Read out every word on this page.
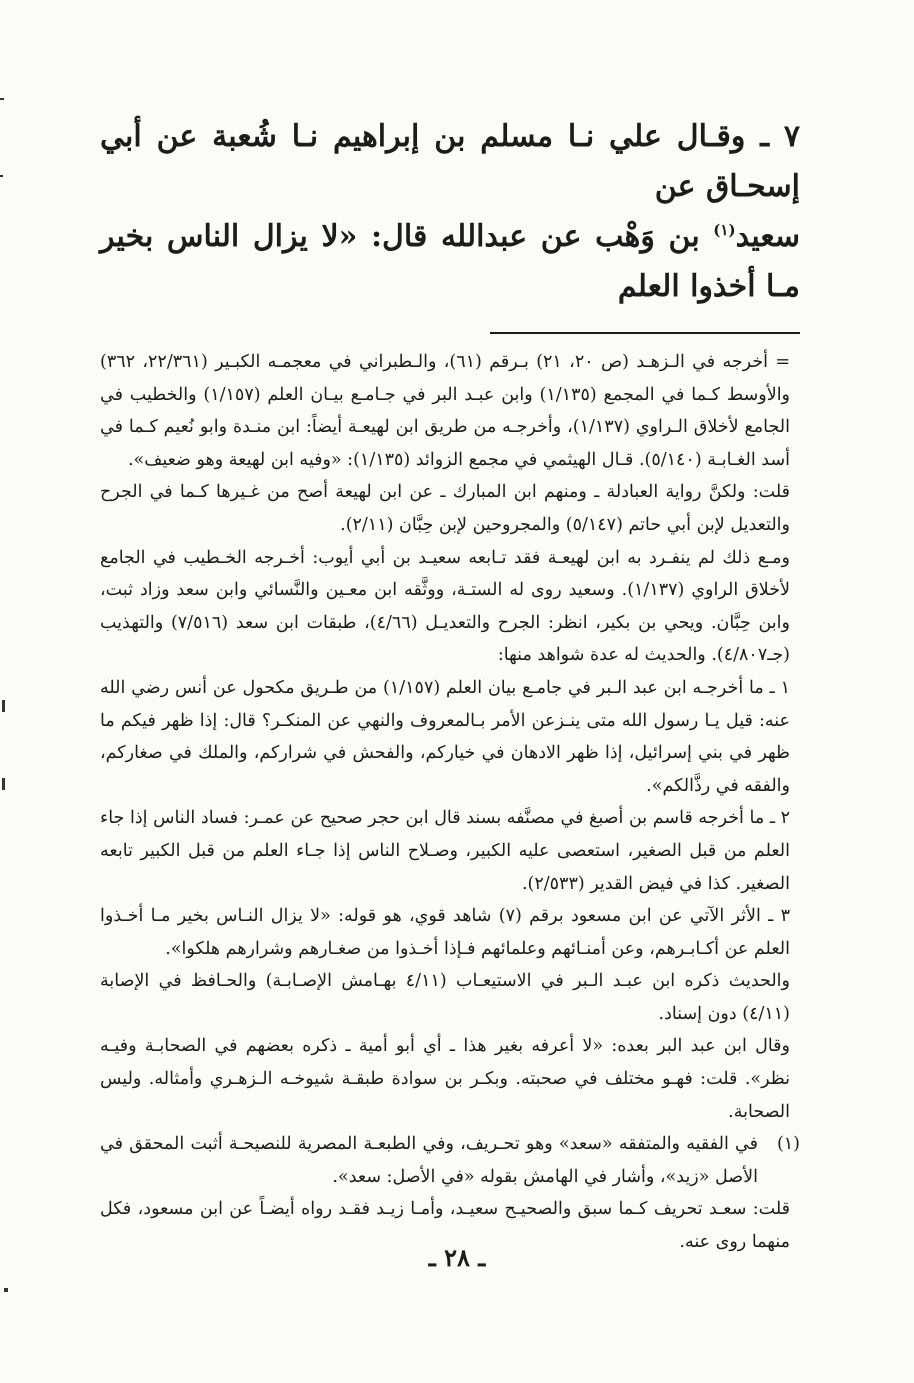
٧ ـ وقـال علي نـا مسلم بن إبراهيم نـا شُعبة عن أبي إسحـاق عن

سعيد$^{(١)}$ بن وَهْب عن عبدالله قال: «لا يزال الناس بخير مـا أخذوا العلم

= أخرجه في الـزهـد (ص ٢٠، ٢١) بـرقم (٦١)، والـطبراني في معجمـه الكبـير (٢٢/٣٦١، ٣٦٢) والأوسط كـما في المجمع (١/١٣٥) وابن عبـد البر في جـامـع بيـان العلم (١/١٥٧) والخطيب في الجامع لأخلاق الـراوي (١/١٣٧)، وأخرجـه من طريق ابن لهيعـة أيضاً: ابن منـدة وابو نُعيم كـما في أسد الغـابـة (٥/١٤٠). قـال الهيثمي في مجمع الزوائد (١/١٣٥): «وفيه ابن لهيعة وهو ضعيف».

قلت: ولكنَّ رواية العبادلة ـ ومنهم ابن المبارك ـ عن ابن لهيعة أصح من غـيرها كـما في الجرح والتعديل لإبن أبي حاتم (٥/١٤٧) والمجروحين لإبن حِبَّان (٢/١١).

ومـع ذلك لم ينفـرد به ابن لهيعـة فقد تـابعه سعيـد بن أبي أيوب: أخـرجه الخـطيب في الجامع لأخلاق الراوي (١/١٣٧). وسعيد روى له الستـة، ووثَّقه ابن معـين والنَّسائي وابن سعد وزاد ثبت، وابن حِبَّان. ويحي بن بكير، انظر: الجرح والتعديـل (٤/٦٦)، طبقات ابن سعد (٧/٥١٦) والتهذيب (جـ٤/٨٠٧). والحديث له عدة شواهد منها:

١ ـ ما أخرجـه ابن عبد الـبر في جامـع بيان العلم (١/١٥٧) من طـريق مكحول عن أنس رضي الله عنه: قيل يـا رسول الله متى ينـزعن الأمر بـالمعروف والنهي عن المنكـر؟ قال: إذا ظهر فيكم ما ظهر في بني إسرائيل، إذا ظهر الادهان في خياركم، والفحش في شراركم، والملك في صغاركم، والفقه في رذَّالكم».

٢ ـ ما أخرجه قاسم بن أصبغ في مصنَّفه بسند قال ابن حجر صحيح عن عمـر: فساد الناس إذا جاء العلم من قبل الصغير، استعصى عليه الكبير، وصـلاح الناس إذا جـاء العلم من قبل الكبير تابعه الصغير. كذا في فيض القدير (٢/٥٣٣).

٣ ـ الأثر الآتي عن ابن مسعود برقم (٧) شاهد قوي، هو قوله: «لا يزال النـاس بخير مـا أخـذوا العلم عن أكـابـرهم، وعن أمنـائهم وعلمائهم فـإذا أخـذوا من صغـارهم وشرارهم هلكوا».

والحديث ذكره ابن عبـد الـبر في الاستيعـاب (٤/١١ بهـامش الإصـابـة) والحـافظ في الإصابة (٤/١١) دون إسناد.

وقال ابن عبد البر بعده: «لا أعرفه بغير هذا ـ أي أبو أمية ـ ذكره بعضهم في الصحابـة وفيـه نظر». قلت: فهـو مختلف في صحبته. وبكـر بن سوادة طبقـة شيوخـه الـزهـري وأمثاله. وليس الصحابة.

(١)
في الفقيه والمتفقه «سعد» وهو تحـريف، وفي الطبعـة المصرية للنصيحـة أثبت المحقق في الأصل «زيد»، وأشار في الهامش بقوله «في الأصل: سعد».

قلت: سعـد تحريف كـما سبق والصحيـح سعيـد، وأمـا زيـد فقـد رواه أيضـاً عن ابن مسعود، فكل منهما روى عنه.

ـ ٢٨ ـ
